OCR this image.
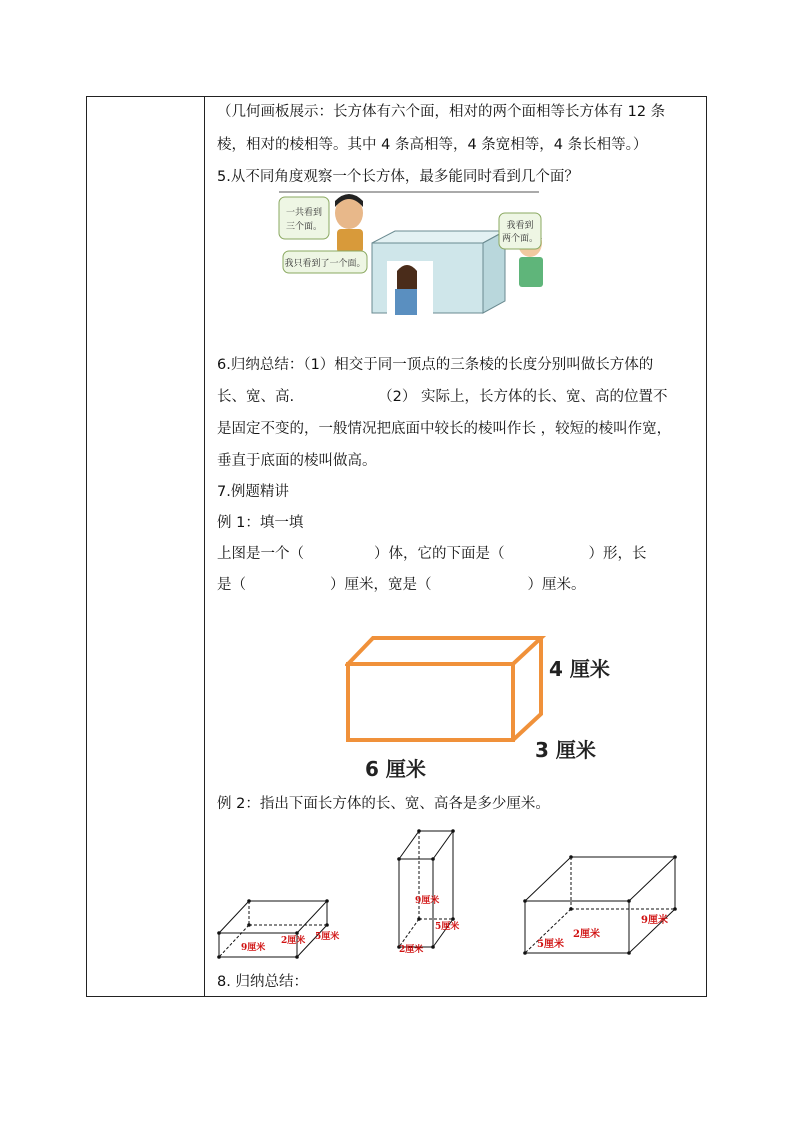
（几何画板展示：长方体有六个面，相对的两个面相等长方体有 12 条
棱，相对的棱相等。其中 4 条高相等，4 条宽相等，4 条长相等。）
5.从不同角度观察一个长方体，最多能同时看到几个面？
一共看到
三个面。
我只看到了一个面。
我看到
两个面。
6.归纳总结：（1）相交于同一顶点的三条棱的长度分别叫做长方体的
长、宽、高.	（2） 实际上，长方体的长、宽、高的位置不
是固定不变的，一般情况把底面中较长的棱叫作长 ，较短的棱叫作宽，
垂直于底面的棱叫做高。
7.例题精讲
例 1：填一填
上图是一个（	）体，它的下面是（	）形，长
是（	）厘米，宽是（	）厘米。
4 厘米
3 厘米
6 厘米
例 2：指出下面长方体的长、宽、高各是多少厘米。
9厘米
2厘米 5厘米
9厘米
5厘米
2厘米	5厘米
2厘米
9厘米
8. 归纳总结：
